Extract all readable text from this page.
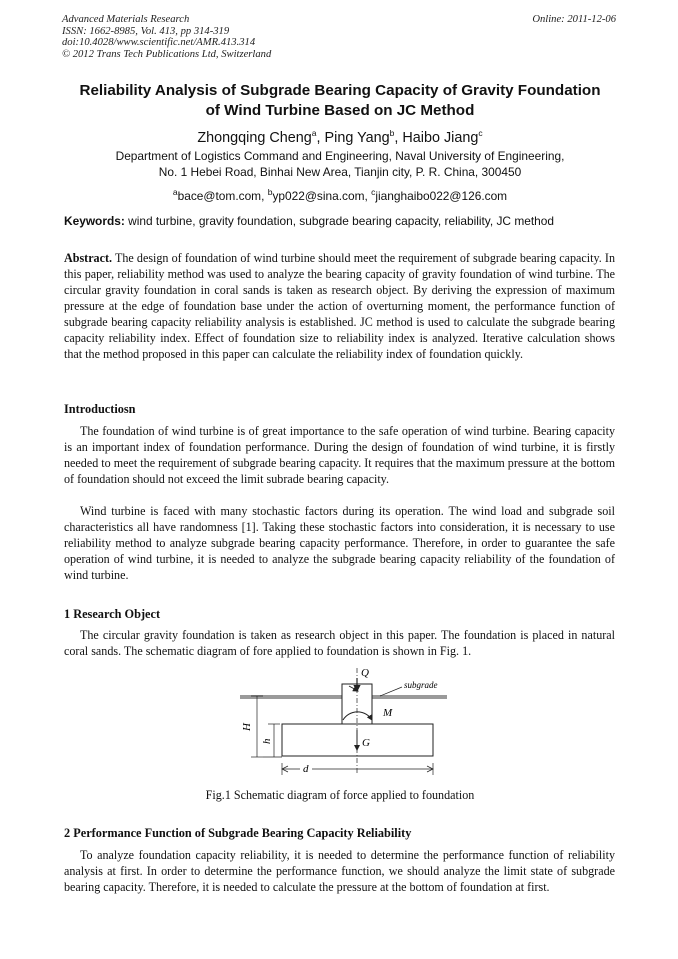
Advanced Materials Research
ISSN: 1662-8985, Vol. 413, pp 314-319
doi:10.4028/www.scientific.net/AMR.413.314
© 2012 Trans Tech Publications Ltd, Switzerland
Online: 2011-12-06
Reliability Analysis of Subgrade Bearing Capacity of Gravity Foundation
of Wind Turbine Based on JC Method
Zhongqing Cheng$^a$, Ping Yang$^b$, Haibo Jiang$^c$
Department of Logistics Command and Engineering, Naval University of Engineering,
No. 1 Hebei Road, Binhai New Area, Tianjin city, P. R. China, 300450
$^a$bace@tom.com, $^b$yp022@sina.com, $^c$jianghaibo022@126.com
Keywords: wind turbine, gravity foundation, subgrade bearing capacity, reliability, JC method

Abstract. The design of foundation of wind turbine should meet the requirement of subgrade bearing capacity. In this paper, reliability method was used to analyze the bearing capacity of gravity foundation of wind turbine. The circular gravity foundation in coral sands is taken as research object. By deriving the expression of maximum pressure at the edge of foundation base under the action of overturning moment, the performance function of subgrade bearing capacity reliability analysis is established. JC method is used to calculate the subgrade bearing capacity reliability index. Effect of foundation size to reliability index is analyzed. Iterative calculation shows that the method proposed in this paper can calculate the reliability index of foundation quickly.

Introductiosn

The foundation of wind turbine is of great importance to the safe operation of wind turbine. Bearing capacity is an important index of foundation performance. During the design of foundation of wind turbine, it is firstly needed to meet the requirement of subgrade bearing capacity. It requires that the maximum pressure at the bottom of foundation should not exceed the limit subrade bearing capacity.

Wind turbine is faced with many stochastic factors during its operation. The wind load and subgrade soil characteristics all have randomness [1]. Taking these stochastic factors into consideration, it is necessary to use reliability method to analyze subgrade bearing capacity performance. Therefore, in order to guarantee the safe operation of wind turbine, it is needed to analyze the subgrade bearing capacity reliability of the foundation of wind turbine.

1 Research Object

The circular gravity foundation is taken as research object in this paper. The foundation is placed in natural coral sands. The schematic diagram of fore applied to foundation is shown in Fig. 1.

Q
subgrade
M
G
H
h
d
Fig.1 Schematic diagram of force applied to foundation
2 Performance Function of Subgrade Bearing Capacity Reliability

To analyze foundation capacity reliability, it is needed to determine the performance function of reliability analysis at first. In order to determine the performance function, we should analyze the limit state of subgrade bearing capacity. Therefore, it is needed to calculate the pressure at the bottom of foundation at first.
